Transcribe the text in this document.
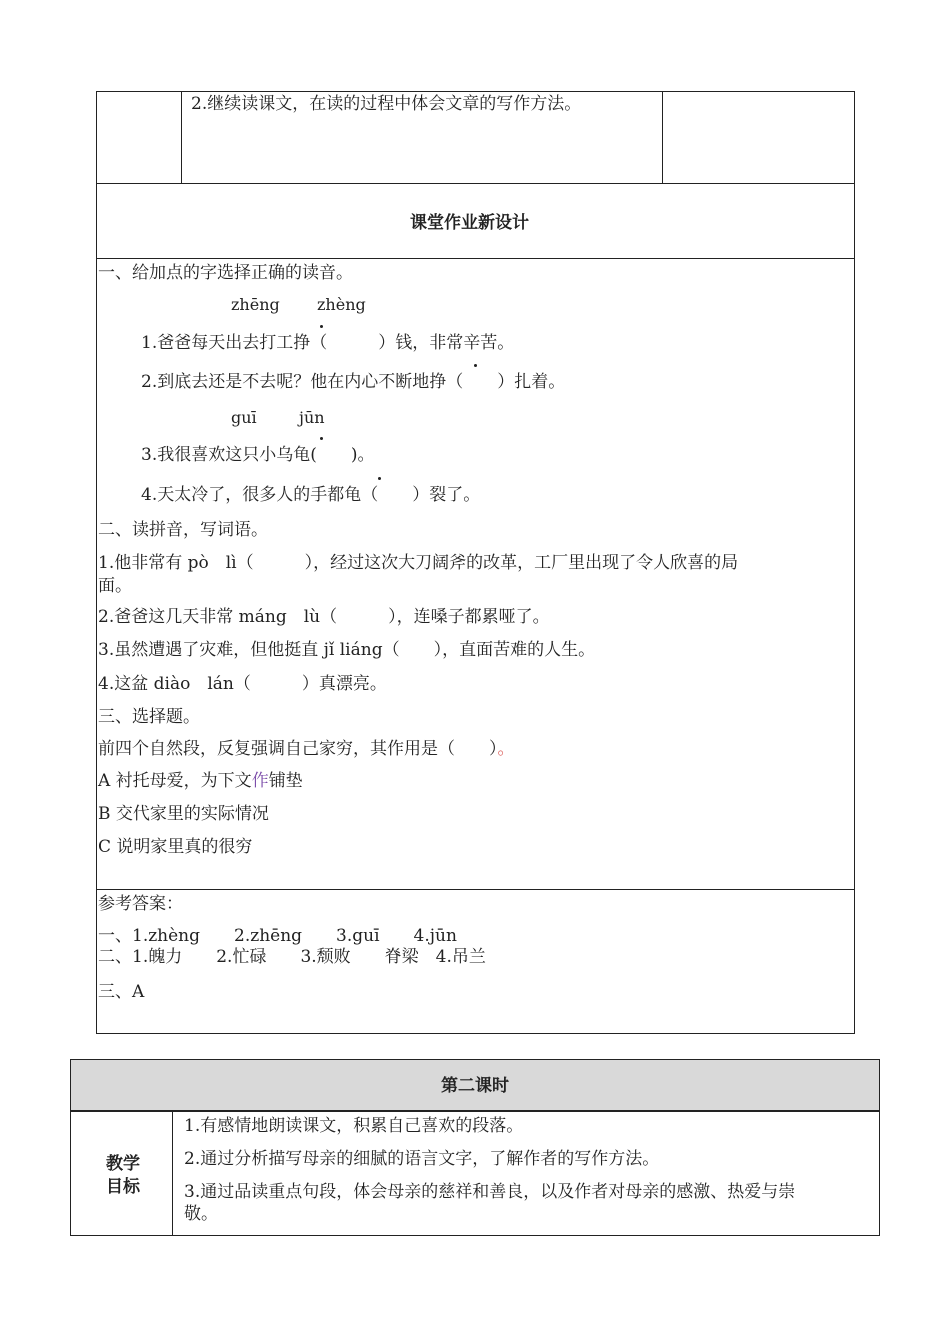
2.继续读课文，在读的过程中体会文章的写作方法。
课堂作业新设计
一、给加点的字选择正确的读音。
zhēng zhèng
1.爸爸每天出去打工挣（　　　）钱，非常辛苦。
2.到底去还是不去呢？他在内心不断地挣（　　）扎着。
guī	jūn
3.我很喜欢这只小乌龟(　　)。
4.天太冷了，很多人的手都龟（　　）裂了。
二、读拼音，写词语。
1.他非常有 pò　lì（　　　），经过这次大刀阔斧的改革，工厂里出现了令人欣喜的局
面。
2.爸爸这几天非常 máng　lù（　　　），连嗓子都累哑了。
3.虽然遭遇了灾难，但他挺直 jǐ liáng（　　），直面苦难的人生。
4.这盆 diào　lán（　　　）真漂亮。
三、选择题。
前四个自然段，反复强调自己家穷，其作用是（　　）。
A 衬托母爱，为下文作铺垫
B 交代家里的实际情况
C 说明家里真的很穷
参考答案：
一、1.zhèng　　2.zhēng　　3.guī　　4.jūn
二、1.魄力　　2.忙碌　　3.颓败　　脊梁　4.吊兰
三、A
第二课时
教学
目标
1.有感情地朗读课文，积累自己喜欢的段落。
2.通过分析描写母亲的细腻的语言文字，了解作者的写作方法。
3.通过品读重点句段，体会母亲的慈祥和善良，以及作者对母亲的感激、热爱与崇
敬。
